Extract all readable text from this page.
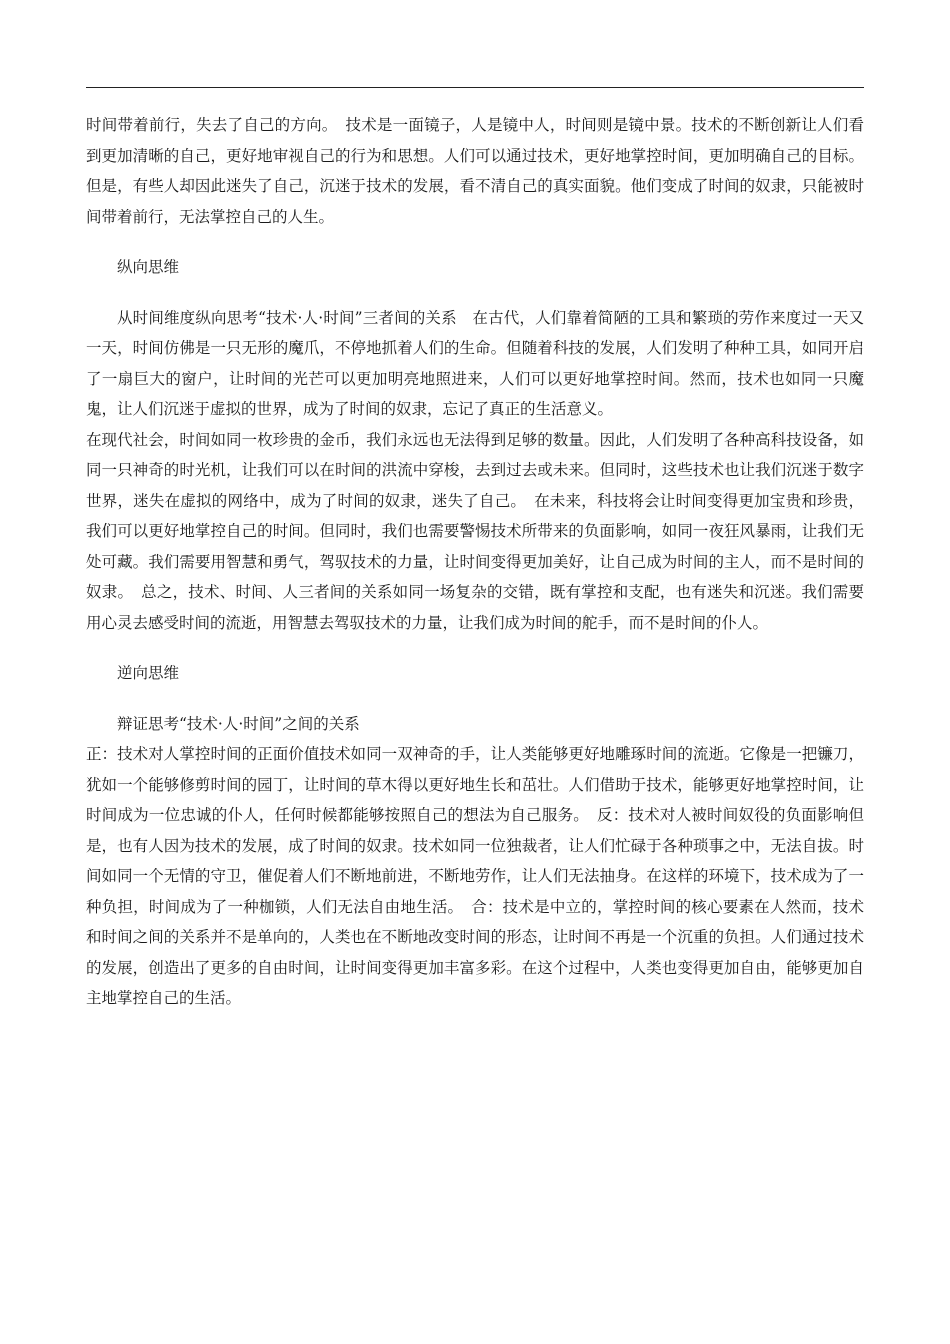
时间带着前行，失去了自己的方向。　技术是一面镜子，人是镜中人，时间则是镜中景。技术的不断创新让人们看到更加清晰的自己，更好地审视自己的行为和思想。人们可以通过技术，更好地掌控时间，更加明确自己的目标。但是，有些人却因此迷失了自己，沉迷于技术的发展，看不清自己的真实面貌。他们变成了时间的奴隶，只能被时间带着前行，无法掌控自己的人生。

纵向思维

从时间维度纵向思考“技术·人·时间”三者间的关系　在古代，人们靠着简陋的工具和繁琐的劳作来度过一天又一天，时间仿佛是一只无形的魔爪，不停地抓着人们的生命。但随着科技的发展，人们发明了种种工具，如同开启了一扇巨大的窗户，让时间的光芒可以更加明亮地照进来，人们可以更好地掌控时间。然而，技术也如同一只魔鬼，让人们沉迷于虚拟的世界，成为了时间的奴隶，忘记了真正的生活意义。

在现代社会，时间如同一枚珍贵的金币，我们永远也无法得到足够的数量。因此，人们发明了各种高科技设备，如同一只神奇的时光机，让我们可以在时间的洪流中穿梭，去到过去或未来。但同时，这些技术也让我们沉迷于数字世界，迷失在虚拟的网络中，成为了时间的奴隶，迷失了自己。　在未来，科技将会让时间变得更加宝贵和珍贵，我们可以更好地掌控自己的时间。但同时，我们也需要警惕技术所带来的负面影响，如同一夜狂风暴雨，让我们无处可藏。我们需要用智慧和勇气，驾驭技术的力量，让时间变得更加美好，让自己成为时间的主人，而不是时间的奴隶。　总之，技术、时间、人三者间的关系如同一场复杂的交错，既有掌控和支配，也有迷失和沉迷。我们需要用心灵去感受时间的流逝，用智慧去驾驭技术的力量，让我们成为时间的舵手，而不是时间的仆人。

逆向思维

辩证思考“技术·人·时间”之间的关系

正：技术对人掌控时间的正面价值技术如同一双神奇的手，让人类能够更好地雕琢时间的流逝。它像是一把镰刀，犹如一个能够修剪时间的园丁，让时间的草木得以更好地生长和茁壮。人们借助于技术，能够更好地掌控时间，让时间成为一位忠诚的仆人，任何时候都能够按照自己的想法为自己服务。　反：技术对人被时间奴役的负面影响但是，也有人因为技术的发展，成了时间的奴隶。技术如同一位独裁者，让人们忙碌于各种琐事之中，无法自拔。时间如同一个无情的守卫，催促着人们不断地前进，不断地劳作，让人们无法抽身。在这样的环境下，技术成为了一种负担，时间成为了一种枷锁，人们无法自由地生活。　合：技术是中立的，掌控时间的核心要素在人然而，技术和时间之间的关系并不是单向的，人类也在不断地改变时间的形态，让时间不再是一个沉重的负担。人们通过技术的发展，创造出了更多的自由时间，让时间变得更加丰富多彩。在这个过程中，人类也变得更加自由，能够更加自主地掌控自己的生活。
